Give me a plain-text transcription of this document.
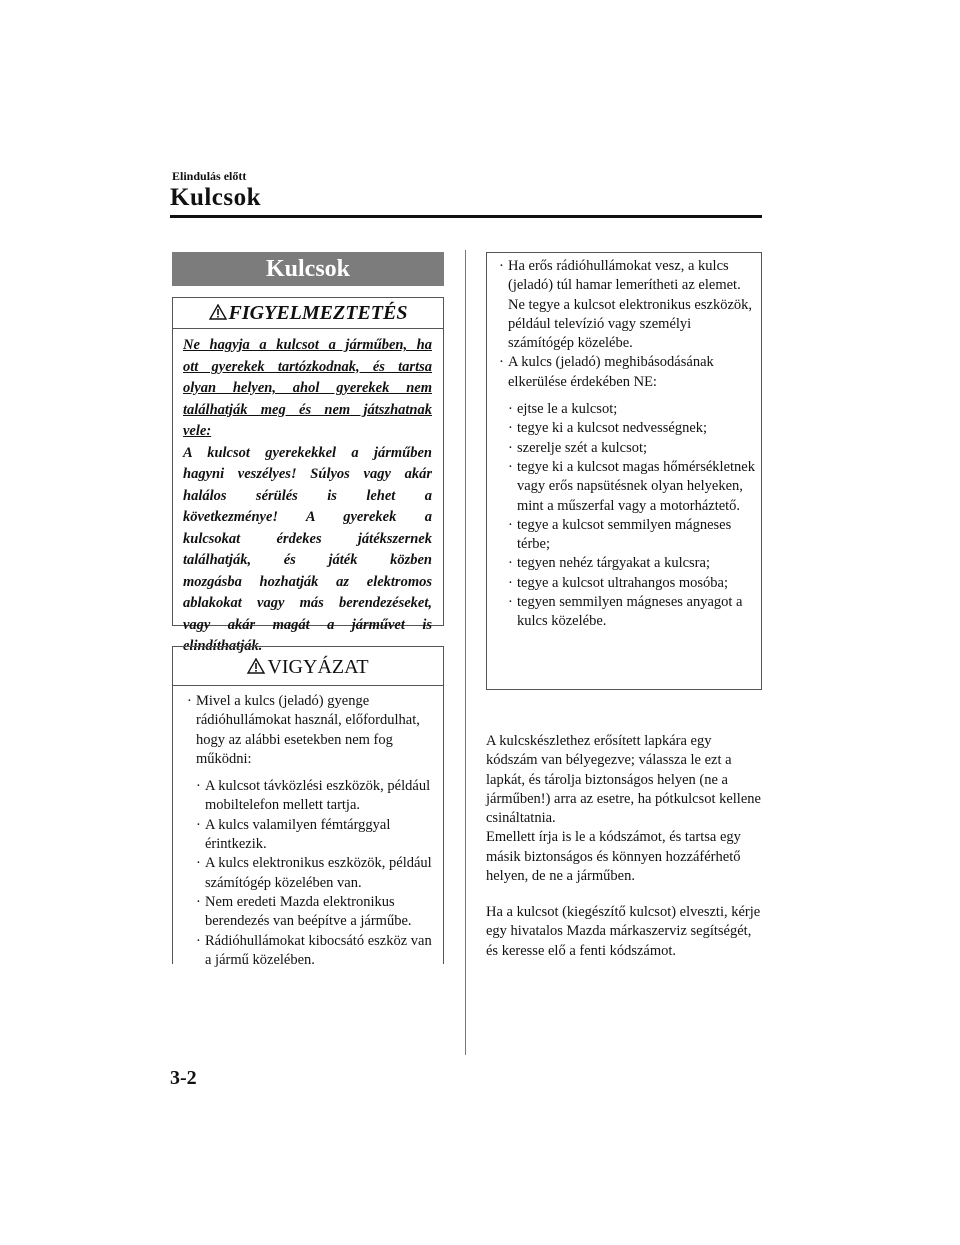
Elindulás előtt
Kulcsok
Kulcsok
FIGYELMEZTETÉS
Ne hagyja a kulcsot a járműben, ha
ott gyerekek tartózkodnak, és tartsa
olyan helyen, ahol gyerekek nem
találhatják meg és nem játszhatnak
vele:
A kulcsot gyerekekkel a járműben
hagyni veszélyes! Súlyos vagy akár
halálos sérülés is lehet a
következménye! A gyerekek a
kulcsokat érdekes játékszernek
találhatják, és játék közben
mozgásba hozhatják az elektromos
ablakokat vagy más berendezéseket,
vagy akár magát a járművet is
elindíthatják.
VIGYÁZAT
· Mivel a kulcs (jeladó) gyenge rádióhullámokat használ, előfordulhat, hogy az alábbi esetekben nem fog működni:
· A kulcsot távközlési eszközök, például mobiltelefon mellett tartja.
· A kulcs valamilyen fémtárggyal érintkezik.
· A kulcs elektronikus eszközök, például számítógép közelében van.
· Nem eredeti Mazda elektronikus berendezés van beépítve a járműbe.
· Rádióhullámokat kibocsátó eszköz van a jármű közelében.
· Ha erős rádióhullámokat vesz, a kulcs (jeladó) túl hamar lemerítheti az elemet. Ne tegye a kulcsot elektronikus eszközök, például televízió vagy személyi számítógép közelébe.
· A kulcs (jeladó) meghibásodásának elkerülése érdekében NE:
· ejtse le a kulcsot;
· tegye ki a kulcsot nedvességnek;
· szerelje szét a kulcsot;
· tegye ki a kulcsot magas hőmérsékletnek vagy erős napsütésnek olyan helyeken, mint a műszerfal vagy a motorháztető.
· tegye a kulcsot semmilyen mágneses térbe;
· tegyen nehéz tárgyakat a kulcsra;
· tegye a kulcsot ultrahangos mosóba;
· tegyen semmilyen mágneses anyagot a kulcs közelébe.
A kulcskészlethez erősített lapkára egy kódszám van bélyegezve; válassza le ezt a lapkát, és tárolja biztonságos helyen (ne a járműben!) arra az esetre, ha pótkulcsot kellene csináltatnia.
Emellett írja is le a kódszámot, és tartsa egy másik biztonságos és könnyen hozzáférhető helyen, de ne a járműben.
Ha a kulcsot (kiegészítő kulcsot) elveszti, kérje egy hivatalos Mazda márkaszerviz segítségét, és keresse elő a fenti kódszámot.
3-2
